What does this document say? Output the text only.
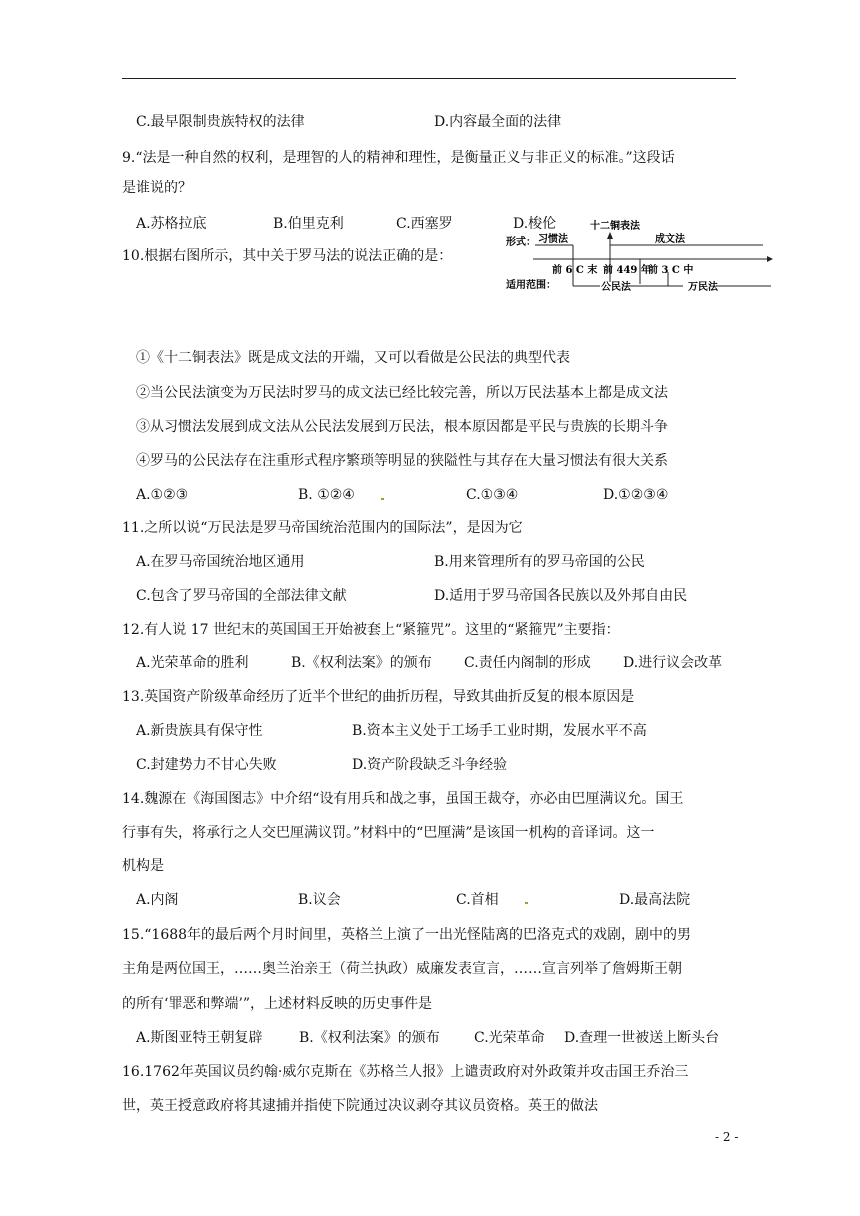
C.最早限制贵族特权的法律	D.内容最全面的法律
9.“法是一种自然的权利，是理智的人的精神和理性，是衡量正义与非正义的标准。”这段话
是谁说的？
A.苏格拉底	B.伯里克利	C.西塞罗	D.梭伦
10.根据右图所示，其中关于罗马法的说法正确的是：
十二铜表法
形式： 习惯法	成文法
前 6 C 末 前 449 年
前 3 C 中
适用范围：	公民法	万民法
①《十二铜表法》既是成文法的开端，又可以看做是公民法的典型代表
②当公民法演变为万民法时罗马的成文法已经比较完善，所以万民法基本上都是成文法
③从习惯法发展到成文法从公民法发展到万民法，根本原因都是平民与贵族的长期斗争
④罗马的公民法存在注重形式程序繁琐等明显的狭隘性与其存在大量习惯法有很大关系
A.①②③	B. ①②④	C.①③④	D.①②③④
11.之所以说“万民法是罗马帝国统治范围内的国际法”，是因为它
A.在罗马帝国统治地区通用	B.用来管理所有的罗马帝国的公民
C.包含了罗马帝国的全部法律文献	D.适用于罗马帝国各民族以及外邦自由民
12.有人说 17 世纪末的英国国王开始被套上“紧箍咒”。这里的“紧箍咒”主要指：
A.光荣革命的胜利	B.《权利法案》的颁布 C.责任内阁制的形成 D.进行议会改革
13.英国资产阶级革命经历了近半个世纪的曲折历程，导致其曲折反复的根本原因是
A.新贵族具有保守性	B.资本主义处于工场手工业时期，发展水平不高
C.封建势力不甘心失败	D.资产阶段缺乏斗争经验
14.魏源在《海国图志》中介绍“设有用兵和战之事，虽国王裁夺，亦必由巴厘满议允。国王
行事有失，将承行之人交巴厘满议罚。”材料中的“巴厘满”是该国一机构的音译词。这一
机构是
A.内阁	B.议会	C.首相	D.最高法院
15.“1688年的最后两个月时间里，英格兰上演了一出光怪陆离的巴洛克式的戏剧，剧中的男
主角是两位国王，……奥兰治亲王（荷兰执政）威廉发表宣言，……宣言列举了詹姆斯王朝
的所有‘罪恶和弊端’”，上述材料反映的历史事件是
A.斯图亚特王朝复辟	B.《权利法案》的颁布 C.光荣革命 D.查理一世被送上断头台
16.1762年英国议员约翰·威尔克斯在《苏格兰人报》上谴责政府对外政策并攻击国王乔治三
世，英王授意政府将其逮捕并指使下院通过决议剥夺其议员资格。英王的做法
- 2 -
